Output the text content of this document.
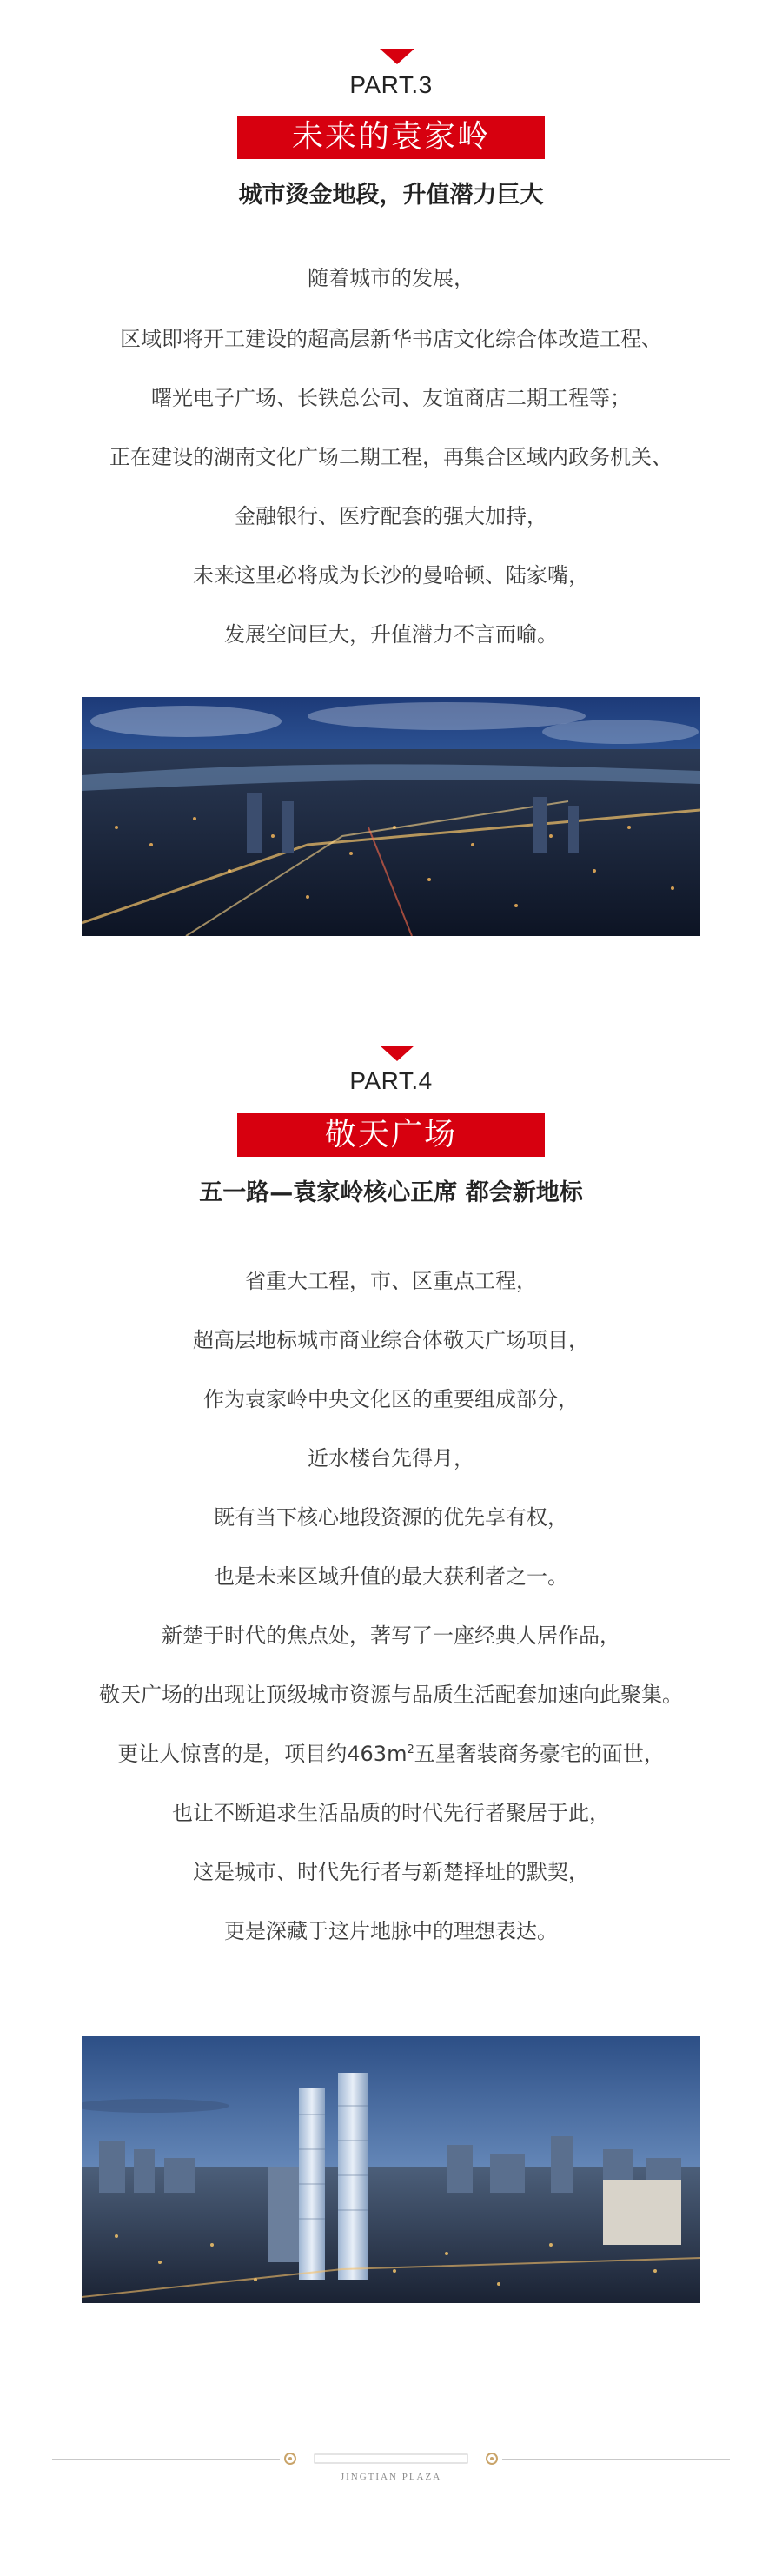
PART.3
未来的袁家岭
城市烫金地段，升值潜力巨大
随着城市的发展，
区域即将开工建设的超高层新华书店文化综合体改造工程、
曙光电子广场、长铁总公司、友谊商店二期工程等；
正在建设的湖南文化广场二期工程，再集合区域内政务机关、
金融银行、医疗配套的强大加持，
未来这里必将成为长沙的曼哈顿、陆家嘴，
发展空间巨大，升值潜力不言而喻。
PART.4
敬天广场
五一路—袁家岭核心正席 都会新地标
省重大工程，市、区重点工程，
超高层地标城市商业综合体敬天广场项目，
作为袁家岭中央文化区的重要组成部分，
近水楼台先得月，
既有当下核心地段资源的优先享有权，
也是未来区域升值的最大获利者之一。
新楚于时代的焦点处，著写了一座经典人居作品，
敬天广场的出现让顶级城市资源与品质生活配套加速向此聚集。
更让人惊喜的是，项目约$463m^2$五星奢装商务豪宅的面世，
也让不断追求生活品质的时代先行者聚居于此，
这是城市、时代先行者与新楚择址的默契，
更是深藏于这片地脉中的理想表达。
JINGTIAN PLAZA
